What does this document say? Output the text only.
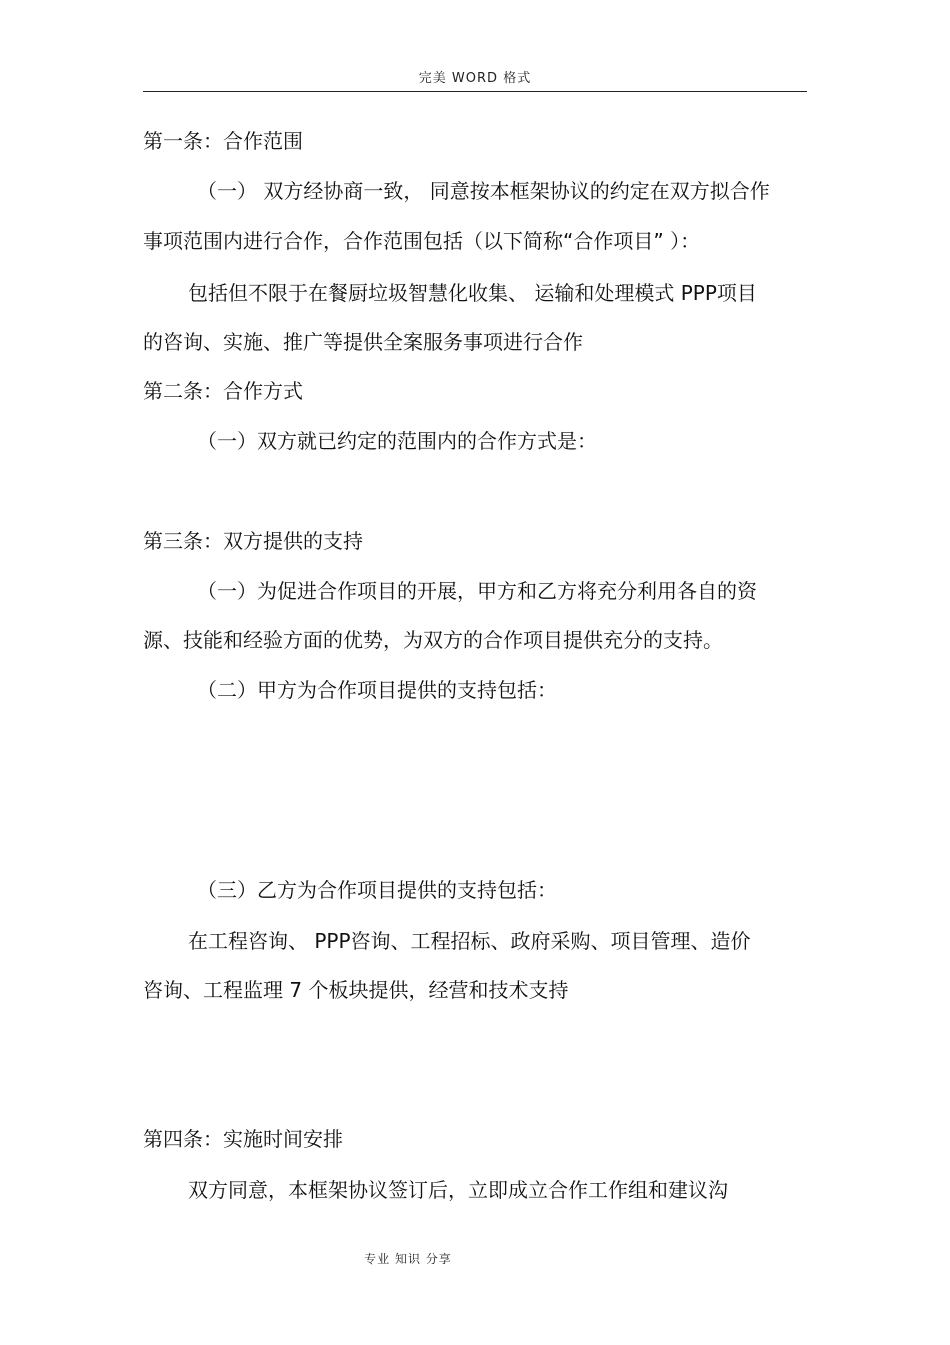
完美 WORD 格式
第一条：合作范围
（一） 双方经协商一致， 同意按本框架协议的约定在双方拟合作
事项范围内进行合作，合作范围包括（以下简称“合作项目” ）：
包括但不限于在餐厨垃圾智慧化收集、 运输和处理模式 PPP项目
的咨询、实施、推广等提供全案服务事项进行合作
第二条：合作方式
（一）双方就已约定的范围内的合作方式是：
第三条：双方提供的支持
（一）为促进合作项目的开展，甲方和乙方将充分利用各自的资
源、技能和经验方面的优势，为双方的合作项目提供充分的支持。
（二）甲方为合作项目提供的支持包括：
（三）乙方为合作项目提供的支持包括：
在工程咨询、 PPP咨询、工程招标、政府采购、项目管理、造价
咨询、工程监理 7 个板块提供，经营和技术支持
第四条：实施时间安排
双方同意，本框架协议签订后，立即成立合作工作组和建议沟
专业 知识 分享
